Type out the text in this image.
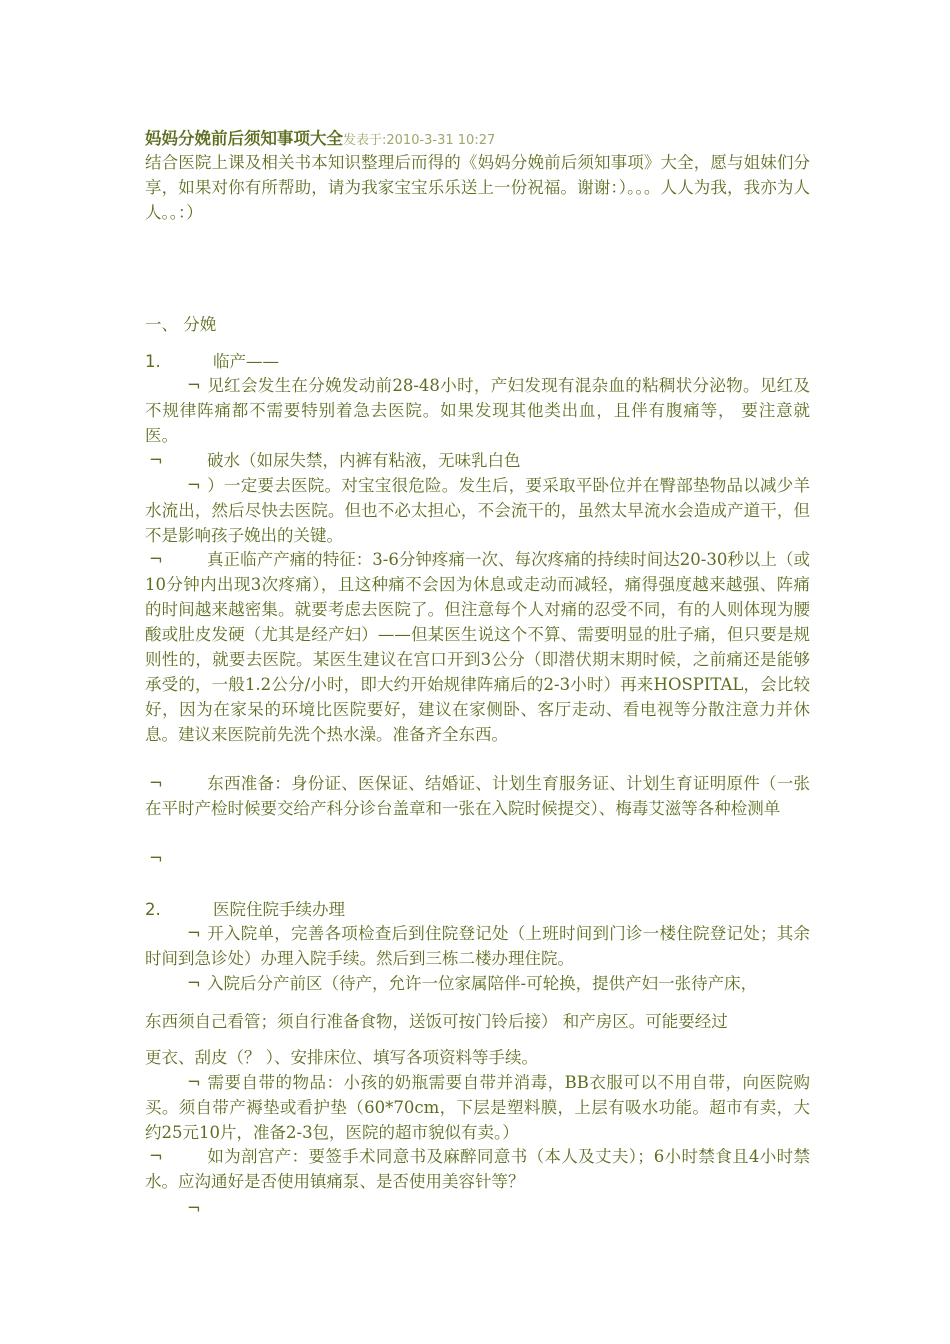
妈妈分娩前后须知事项大全发表于:2010-3-31 10:27
结合医院上课及相关书本知识整理后而得的《妈妈分娩前后须知事项》大全，愿与姐妹们分享，如果对你有所帮助，请为我家宝宝乐乐送上一份祝福。谢谢：）。。。人人为我，我亦为人人。。：）
一、 分娩
1.	临产——
¬ 见红会发生在分娩发动前28-48小时，产妇发现有混杂血的粘稠状分泌物。见红及不规律阵痛都不需要特别着急去医院。如果发现其他类出血，且伴有腹痛等， 要注意就医。
¬	破水（如尿失禁，内裤有粘液，无味乳白色
¬ ）一定要去医院。对宝宝很危险。发生后，要采取平卧位并在臀部垫物品以减少羊水流出，然后尽快去医院。但也不必太担心，不会流干的，虽然太早流水会造成产道干，但不是影响孩子娩出的关键。
¬	真正临产产痛的特征：3-6分钟疼痛一次、每次疼痛的持续时间达20-30秒以上（或10分钟内出现3次疼痛），且这种痛不会因为休息或走动而减轻，痛得强度越来越强、阵痛的时间越来越密集。就要考虑去医院了。但注意每个人对痛的忍受不同，有的人则体现为腰酸或肚皮发硬（尤其是经产妇）——但某医生说这个不算、需要明显的肚子痛，但只要是规则性的，就要去医院。某医生建议在宫口开到3公分（即潜伏期末期时候，之前痛还是能够承受的，一般1.2公分/小时，即大约开始规律阵痛后的2-3小时）再来HOSPITAL，会比较好，因为在家呆的环境比医院要好，建议在家侧卧、客厅走动、看电视等分散注意力并休息。建议来医院前先洗个热水澡。准备齐全东西。
¬	东西准备：身份证、医保证、结婚证、计划生育服务证、计划生育证明原件（一张在平时产检时候要交给产科分诊台盖章和一张在入院时候提交）、梅毒艾滋等各种检测单
¬
2.	医院住院手续办理
¬ 开入院单，完善各项检查后到住院登记处（上班时间到门诊一楼住院登记处；其余时间到急诊处）办理入院手续。然后到三栋二楼办理住院。
¬ 入院后分产前区（待产，允许一位家属陪伴-可轮换，提供产妇一张待产床，
东西须自己看管；须自行准备食物，送饭可按门铃后接） 和产房区。可能要经过
更衣、刮皮（？ ）、安排床位、填写各项资料等手续。
¬ 需要自带的物品：小孩的奶瓶需要自带并消毒，BB衣服可以不用自带，向医院购买。须自带产褥垫或看护垫（60*70cm，下层是塑料膜，上层有吸水功能。超市有卖，大约25元10片，准备2-3包，医院的超市貌似有卖。）
¬	如为剖宫产：要签手术同意书及麻醉同意书（本人及丈夫）；6小时禁食且4小时禁水。应沟通好是否使用镇痛泵、是否使用美容针等？
¬
